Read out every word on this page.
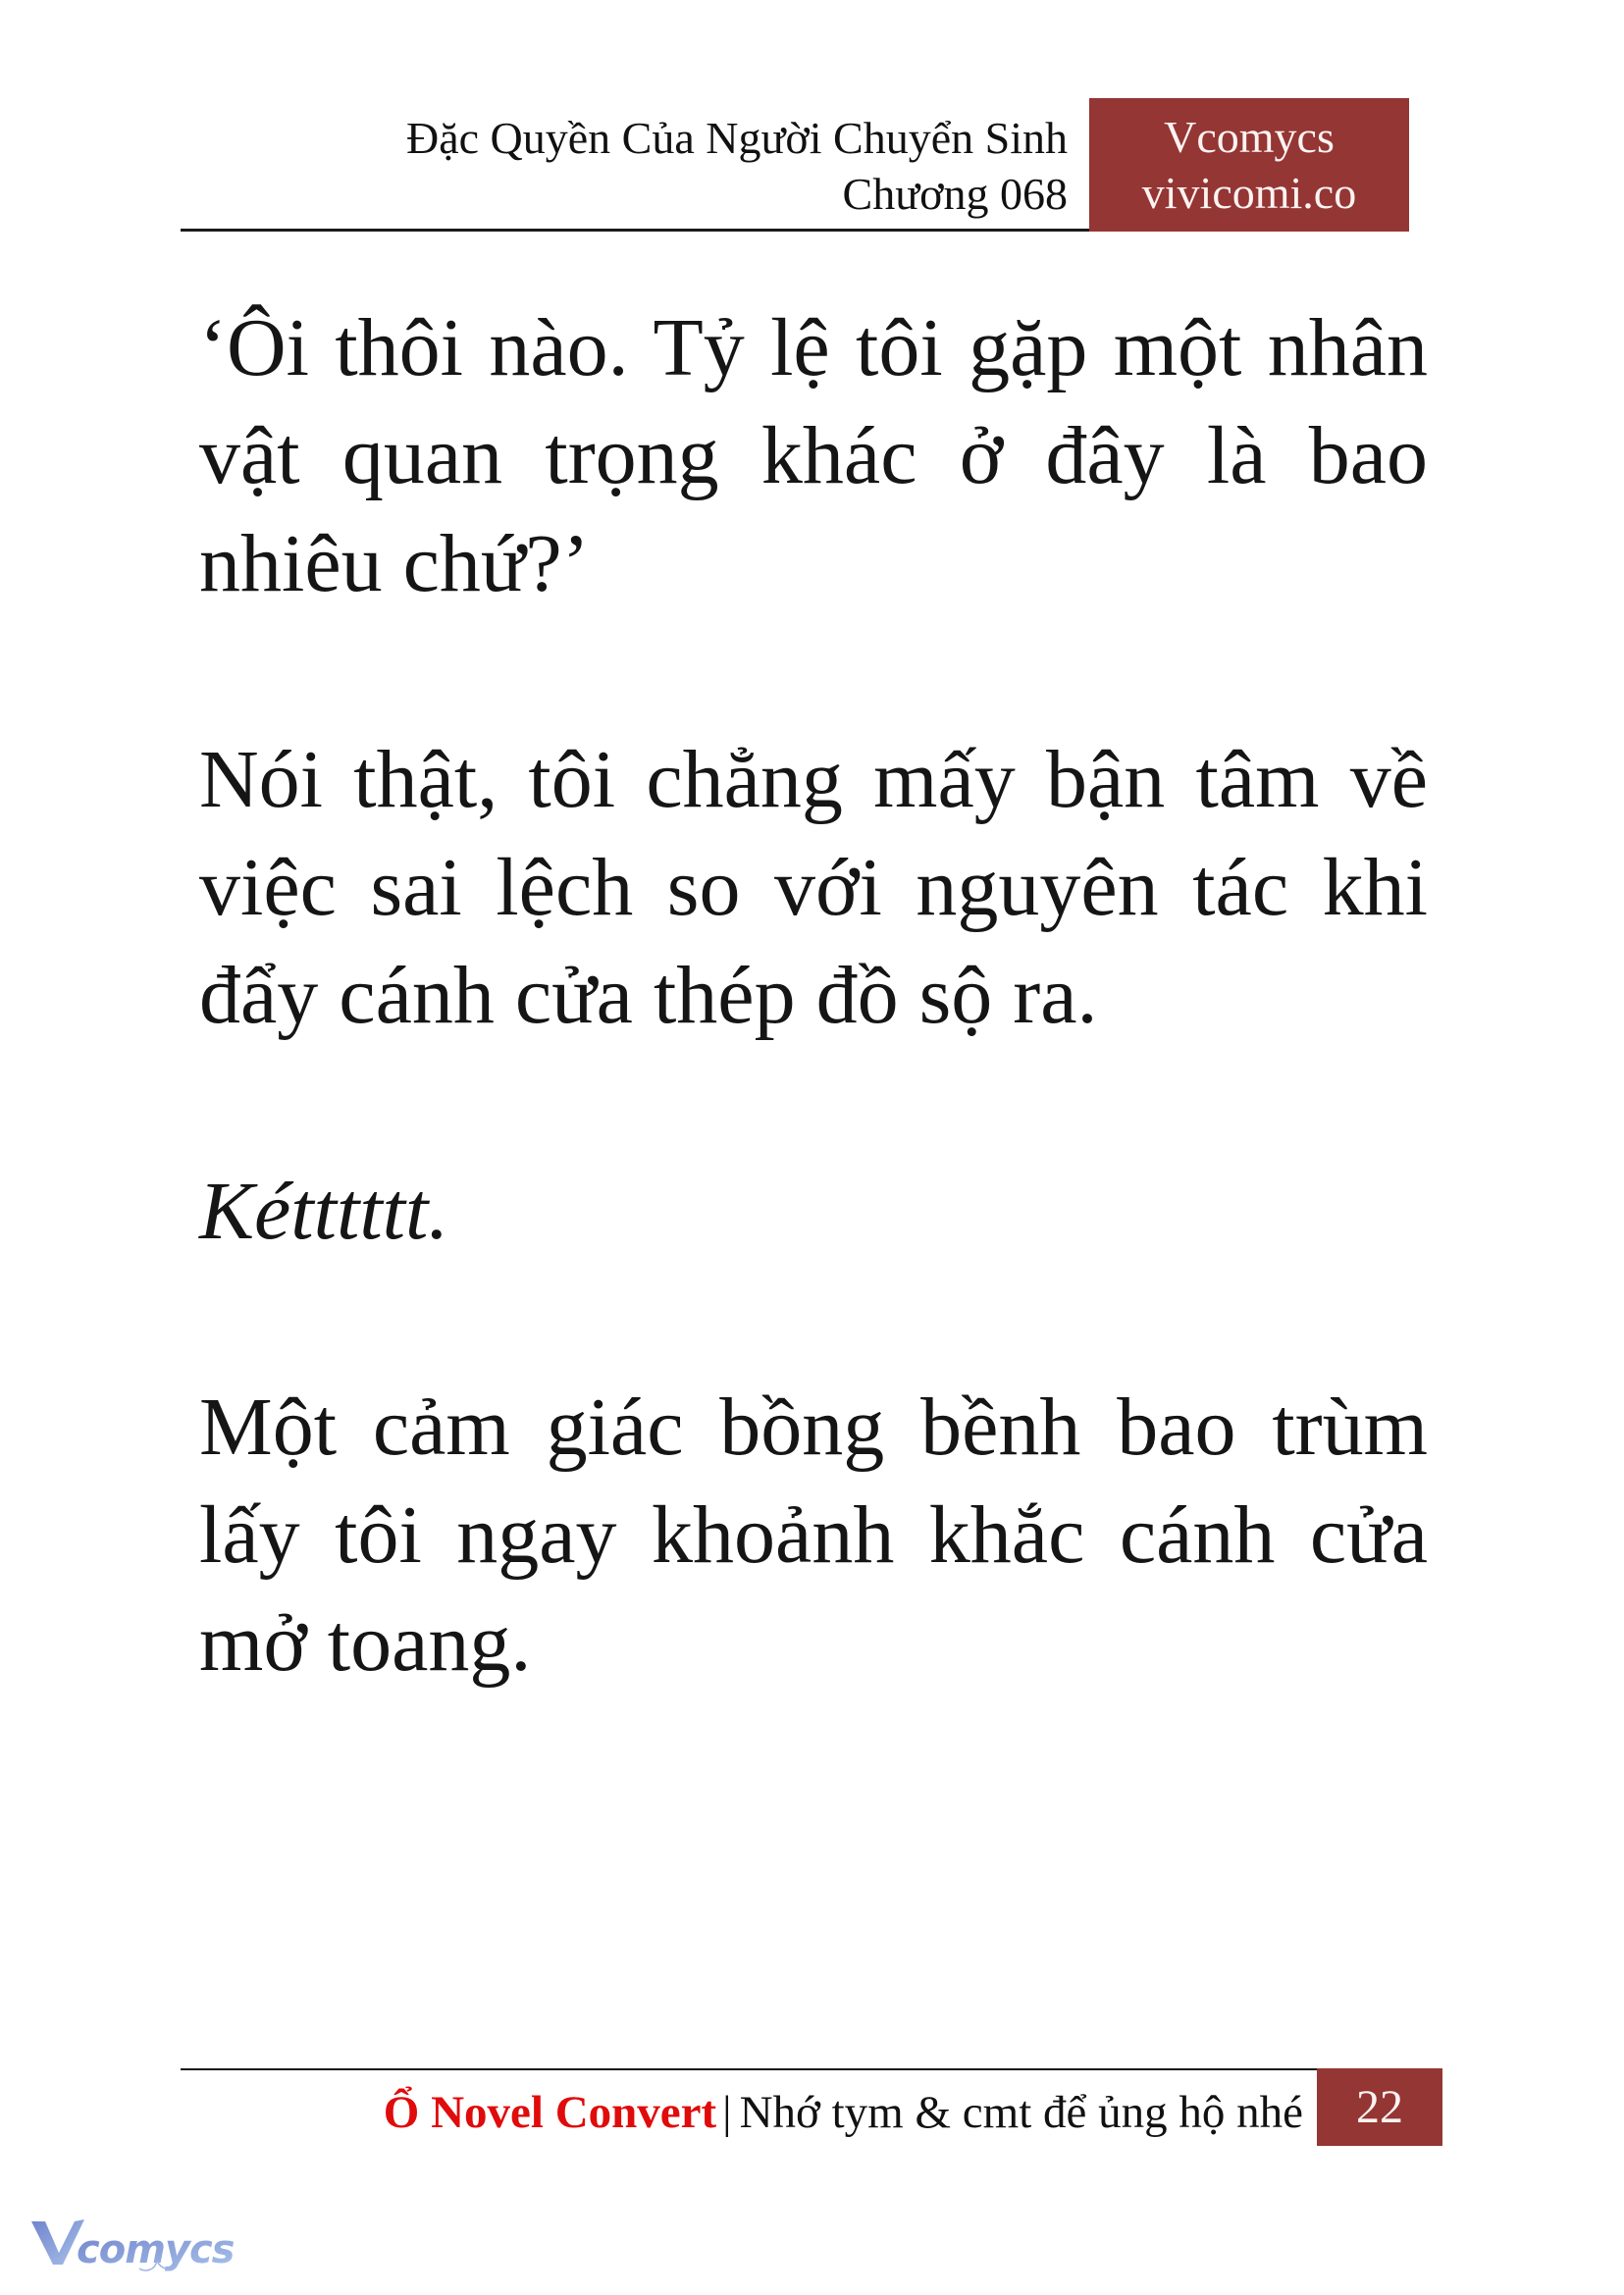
Đặc Quyền Của Người Chuyển Sinh
Chương 068
Vcomycs
vivicomi.co

‘Ôi thôi nào. Tỷ lệ tôi gặp một nhân vật quan trọng khác ở đây là bao nhiêu chứ?’

Nói thật, tôi chẳng mấy bận tâm về việc sai lệch so với nguyên tác khi đẩy cánh cửa thép đồ sộ ra.

Kétttttt.

Một cảm giác bồng bềnh bao trùm lấy tôi ngay khoảnh khắc cánh cửa mở toang.

Ổ Novel Convert | Nhớ tym & cmt để ủng hộ nhé	22
comycs
